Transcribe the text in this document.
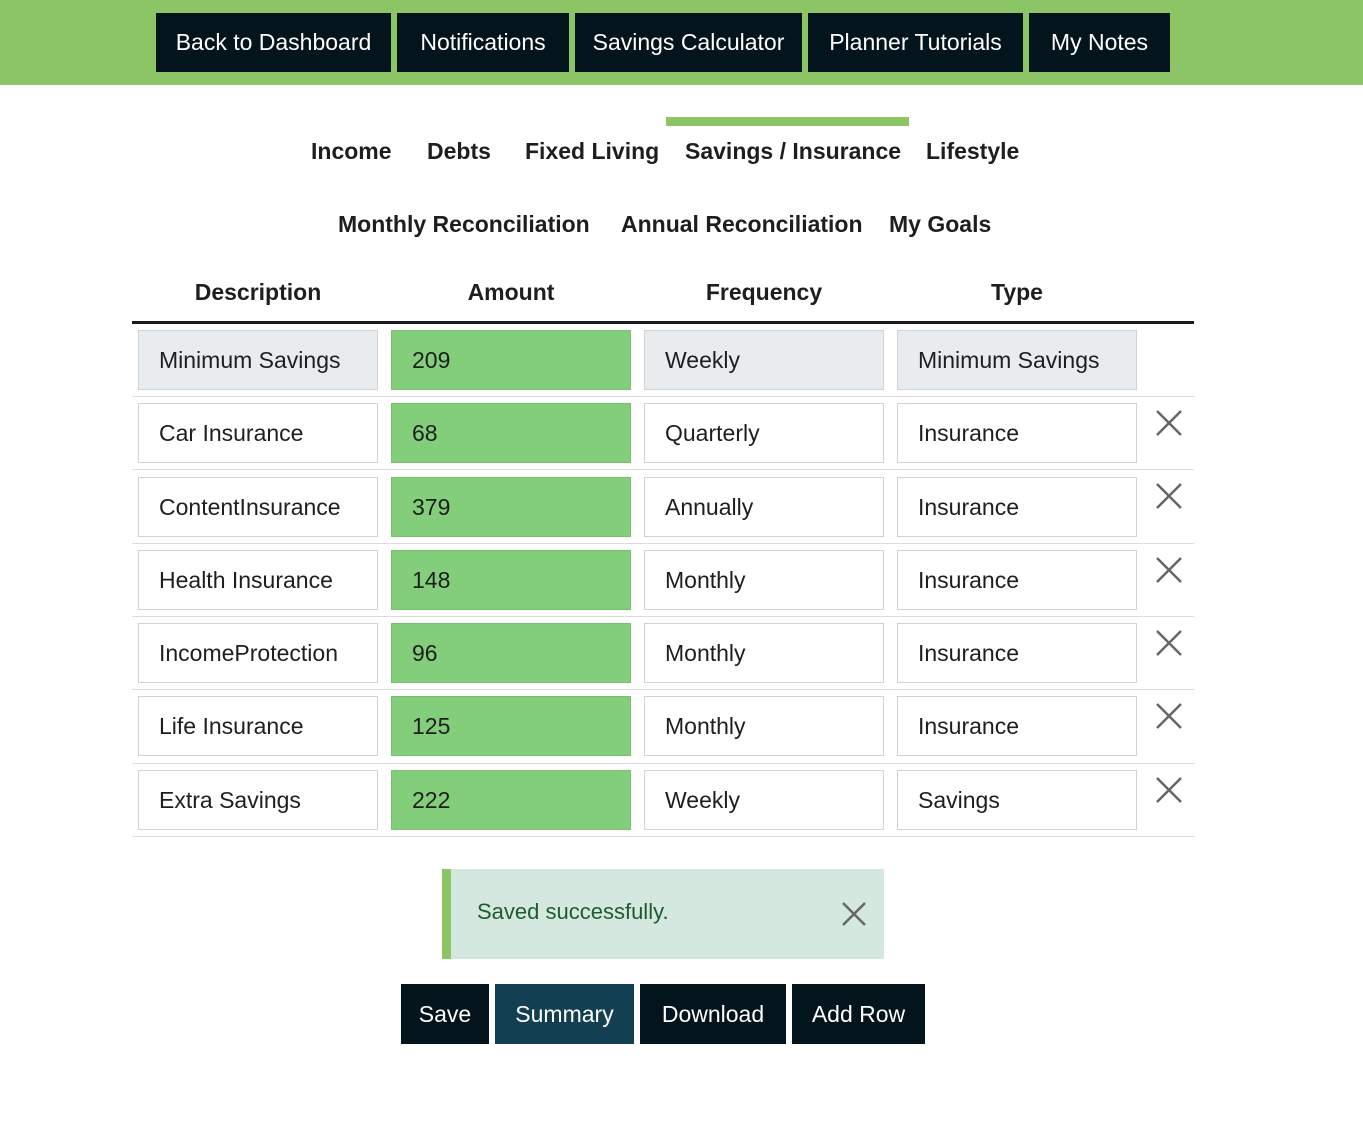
Back to Dashboard	Notifications	Savings Calculator	Planner Tutorials	My Notes
Income Debts Fixed Living Savings / Insurance Lifestyle
Monthly Reconciliation Annual Reconciliation My Goals
Description	Amount	Frequency	Type
Minimum Savings	209	Weekly	Minimum Savings
Car Insurance	68	Quarterly	Insurance
ContentInsurance	379	Annually	Insurance
Health Insurance	148	Monthly	Insurance
IncomeProtection	96	Monthly	Insurance
Life Insurance	125	Monthly	Insurance
Extra Savings	222	Weekly	Savings
Saved successfully.
Save	Summary	Download	Add Row
